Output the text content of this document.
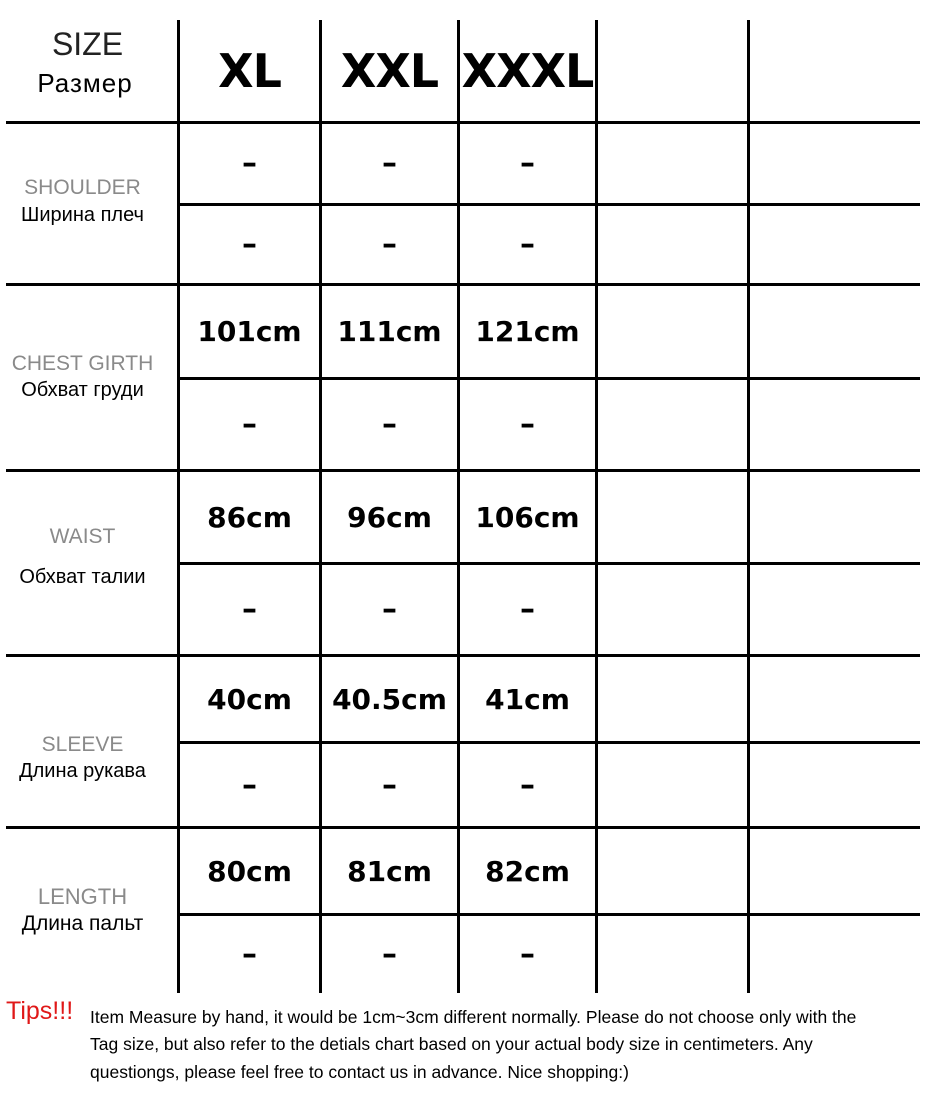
SIZE
Размер	XL	XXL XXXL
SHOULDER
Ширина плеч
–	–	–
–	–	–
CHEST GIRTH
Обхват груди
101cm	111cm	121cm
–	–	–
WAIST
Обхват талии
86cm	96cm	106cm
–	–	–
SLEEVE
Длина рукава
40cm	40.5cm	41cm
–	–	–
LENGTH
Длина пальт
80cm	81cm	82cm
–	–	–
Tips!!! Item Measure by hand, it would be 1cm~3cm different normally. Please do not choose only with the
Tag size, but also refer to the detials chart based on your actual body size in centimeters. Any
questiongs, please feel free to contact us in advance. Nice shopping:)
